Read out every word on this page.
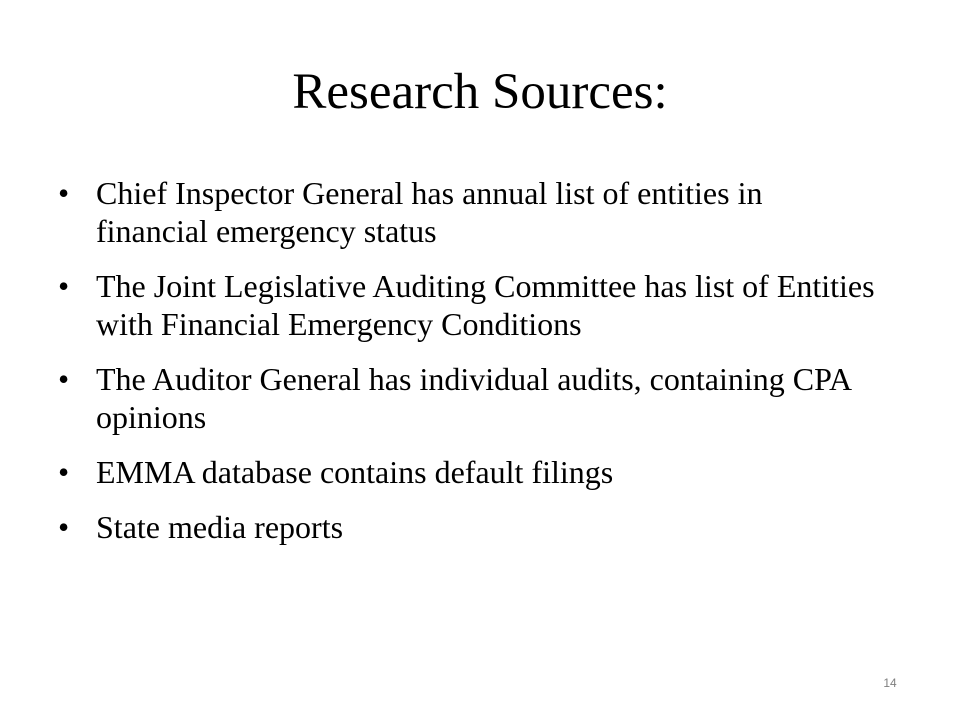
Research Sources:
• Chief Inspector General has annual list of entities in financial emergency status
• The Joint Legislative Auditing Committee has list of Entities with Financial Emergency Conditions
• The Auditor General has individual audits, containing CPA opinions
• EMMA database contains default filings
• State media reports
14
